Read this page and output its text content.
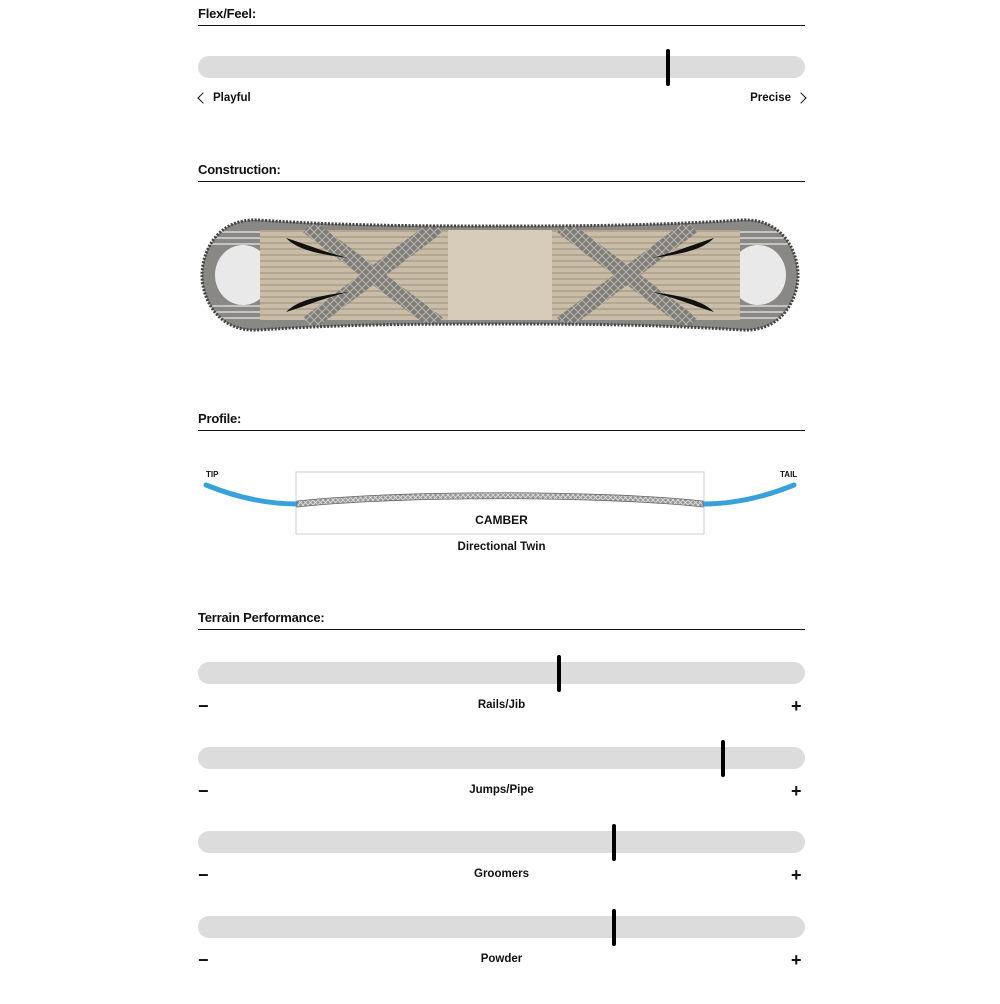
Flex/Feel:
Playful	Precise
Construction:
Profile:
TIP	TAIL
CAMBER
Directional Twin
Terrain Performance:
−	Rails/Jib	+
−	Jumps/Pipe	+
−	Groomers	+
−	Powder	+
